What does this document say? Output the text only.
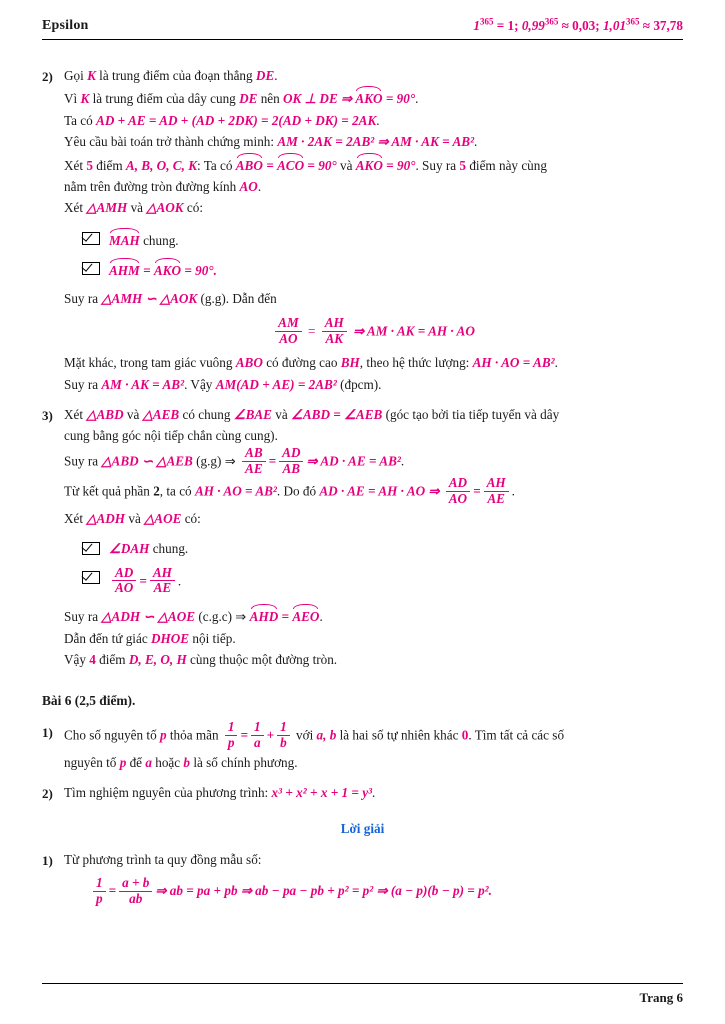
Epsilon	$1^{365} = 1$; $0,99^{365} \approx 0,03$; $1,01^{365} \approx 37,78$
2) Gọi K là trung điểm của đoạn thẳng DE.

Vì K là trung điểm của dây cung DE nên OK ⊥ DE ⇒ AKO = 90°.

Ta có AD + AE = AD + (AD + 2DK) = 2(AD + DK) = 2AK.

Yêu cầu bài toán trở thành chứng minh: AM · 2AK = 2AB² ⇒ AM · AK = AB².

Xét 5 điểm A, B, O, C, K: Ta có ABO = ACO = 90° và AKO = 90°. Suy ra 5 điểm này cùng

nằm trên đường tròn đường kính AO.

Xét △AMH và △AOK có:

MAH chung.
AHM = AKO = 90°.

Suy ra △AMH ∽ △AOK (g.g). Dẫn đến

$\frac{AM}{AO} = \frac{AH}{AK}$ ⇒ AM · AK = AH · AO

Mặt khác, trong tam giác vuông ABO có đường cao BH, theo hệ thức lượng: AH · AO = AB².

Suy ra AM · AK = AB². Vậy AM(AD + AE) = 2AB² (đpcm).

3) Xét △ABD và △AEB có chung ∠BAE và ∠ABD = ∠AEB (góc tạo bởi tia tiếp tuyến và dây

cung bằng góc nội tiếp chắn cùng cung).

Suy ra △ABD ∽ △AEB (g.g) ⇒ $\frac{AB}{AE} = \frac{AD}{AB}$ ⇒ AD · AE = AB².

Từ kết quả phần 2, ta có AH · AO = AB². Do đó AD · AE = AH · AO ⇒ $\frac{AD}{AO} = \frac{AH}{AE}$ .

Xét △ADH và △AOE có:

∠DAH chung.
$\frac{AD}{AO} = \frac{AH}{AE}$ .

Suy ra △ADH ∽ △AOE (c.g.c) ⇒ AHD = AEO.

Dẫn đến tứ giác DHOE nội tiếp.

Vậy 4 điểm D, E, O, H cùng thuộc một đường tròn.

Bài 6 (2,5 điểm).
1) Cho số nguyên tố p thỏa mãn $\frac{1}{p} = \frac{1}{a} + \frac{1}{b}$ với a, b là hai số tự nhiên khác 0. Tìm tất cả các số

nguyên tố p để a hoặc b là số chính phương.

2) Tìm nghiệm nguyên của phương trình: x³ + x² + x + 1 = y³.

Lời giải
1) Từ phương trình ta quy đồng mẫu số:

$\frac{1}{p} = \frac{a + b}{ab}$ ⇒ ab = pa + pb ⇒ ab − pa − pb + p² = p² ⇒ (a − p)(b − p) = p².
Trang 6
